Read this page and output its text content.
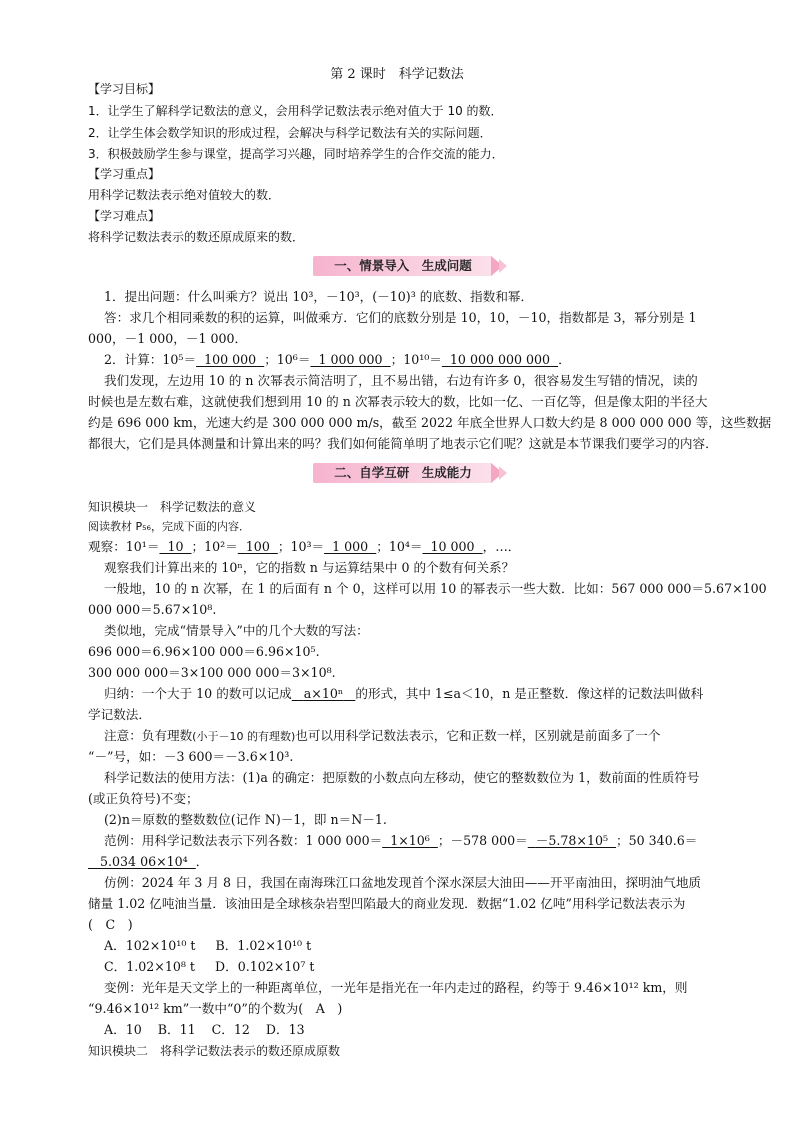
第 2 课时　科学记数法
【学习目标】
1．让学生了解科学记数法的意义，会用科学记数法表示绝对值大于 10 的数．
2．让学生体会数学知识的形成过程，会解决与科学记数法有关的实际问题．
3．积极鼓励学生参与课堂，提高学习兴趣，同时培养学生的合作交流的能力．
【学习重点】
用科学记数法表示绝对值较大的数．
【学习难点】
将科学记数法表示的数还原成原来的数．
一、情景导入　生成问题
1．提出问题：什么叫乘方？说出 10³，－10³，(－10)³ 的底数、指数和幂．
答：求几个相同乘数的积的运算，叫做乘方．它们的底数分别是 10，10，－10，指数都是 3，幂分别是 1
000，－1 000，－1 000．
2．计算：10⁵＝ 100 000 ；10⁶＝ 1 000 000 ；10¹⁰＝ 10 000 000 000 ．
我们发现，左边用 10 的 n 次幂表示简洁明了，且不易出错，右边有许多 0，很容易发生写错的情况，读的
时候也是左数右难，这就使我们想到用 10 的 n 次幂表示较大的数，比如一亿、一百亿等，但是像太阳的半径大
约是 696 000 km，光速大约是 300 000 000 m/s，截至 2022 年底全世界人口数大约是 8 000 000 000 等，这些数据
都很大，它们是具体测量和计算出来的吗？我们如何能简单明了地表示它们呢？这就是本节课我们要学习的内容．
二、自学互研　生成能力
知识模块一　科学记数法的意义
阅读教材 P₅₆，完成下面的内容．
观察：10¹＝ 10 ；10²＝ 100 ；10³＝ 1 000 ；10⁴＝ 10 000 ，…．
观察我们计算出来的 10ⁿ，它的指数 n 与运算结果中 0 的个数有何关系？
一般地，10 的 n 次幂，在 1 的后面有 n 个 0，这样可以用 10 的幂表示一些大数．比如：567 000 000＝5.67×100
000 000＝5.67×10⁸.
类似地，完成“情景导入”中的几个大数的写法：
696 000＝6.96×100 000＝6.96×10⁵.
300 000 000＝3×100 000 000＝3×10⁸.
归纳：一个大于 10 的数可以记成 a×10ⁿ 的形式，其中 1≤a＜10，n 是正整数．像这样的记数法叫做科
学记数法．
注意：负有理数(小于－10 的有理数)也可以用科学记数法表示，它和正数一样，区别就是前面多了一个
“－”号，如：－3 600＝－3.6×10³.
科学记数法的使用方法：(1)a 的确定：把原数的小数点向左移动，使它的整数数位为 1，数前面的性质符号
(或正负符号)不变；
(2)n＝原数的整数数位(记作 N)－1，即 n＝N－1.
范例：用科学记数法表示下列各数：1 000 000＝ 1×10⁶ ；－578 000＝ －5.78×10⁵ ；50 340.6＝
5.034 06×10⁴ ．
仿例：2024 年 3 月 8 日，我国在南海珠江口盆地发现首个深水深层大油田——开平南油田，探明油气地质
储量 1.02 亿吨油当量．该油田是全球核杂岩型凹陷最大的商业发现．数据“1.02 亿吨”用科学记数法表示为
(　C　)
A．102×10¹⁰ t B．1.02×10¹⁰ t
C．1.02×10⁸ t D．0.102×10⁷ t
变例：光年是天文学上的一种距离单位，一光年是指光在一年内走过的路程，约等于 9.46×10¹² km，则
“9.46×10¹² km”一数中“0”的个数为(　A　)
A．10 B．11 C．12 D．13
知识模块二　将科学记数法表示的数还原成原数
